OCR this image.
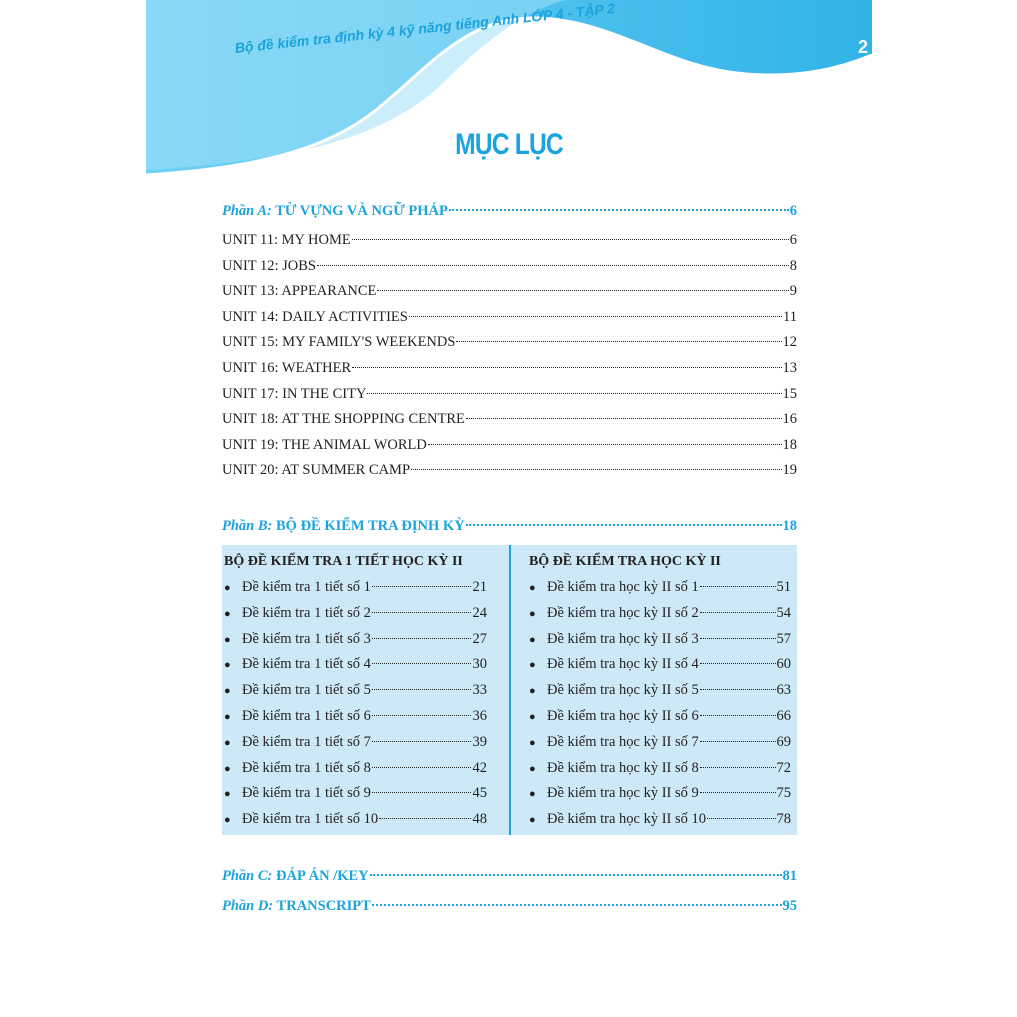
Bộ đề kiểm tra định kỳ 4 kỹ năng tiếng Anh LỚP 4 - TẬP 2	2
MỤC LỤC
Phần A: TỪ VỰNG VÀ NGỮ PHÁP	6
UNIT 11: MY HOME	6
UNIT 12: JOBS	8
UNIT 13: APPEARANCE	9
UNIT 14: DAILY ACTIVITIES	11
UNIT 15: MY FAMILY'S WEEKENDS	12
UNIT 16: WEATHER	13
UNIT 17: IN THE CITY	15
UNIT 18: AT THE SHOPPING CENTRE	16
UNIT 19: THE ANIMAL WORLD	18
UNIT 20: AT SUMMER CAMP	19
Phần B: BỘ ĐỀ KIỂM TRA ĐỊNH KỲ	18
BỘ ĐỀ KIỂM TRA 1 TIẾT HỌC KỲ II
● Đề kiểm tra 1 tiết số 1	21
● Đề kiểm tra 1 tiết số 2	24
● Đề kiểm tra 1 tiết số 3	27
● Đề kiểm tra 1 tiết số 4	30
● Đề kiểm tra 1 tiết số 5	33
● Đề kiểm tra 1 tiết số 6	36
● Đề kiểm tra 1 tiết số 7	39
● Đề kiểm tra 1 tiết số 8	42
● Đề kiểm tra 1 tiết số 9	45
● Đề kiểm tra 1 tiết số 10	48
BỘ ĐỀ KIỂM TRA HỌC KỲ II
● Đề kiểm tra học kỳ II số 1	51
● Đề kiểm tra học kỳ II số 2	54
● Đề kiểm tra học kỳ II số 3	57
● Đề kiểm tra học kỳ II số 4	60
● Đề kiểm tra học kỳ II số 5	63
● Đề kiểm tra học kỳ II số 6	66
● Đề kiểm tra học kỳ II số 7	69
● Đề kiểm tra học kỳ II số 8	72
● Đề kiểm tra học kỳ II số 9	75
● Đề kiểm tra học kỳ II số 10	78
Phần C: ĐÁP ÁN /KEY	81
Phần D: TRANSCRIPT	95
